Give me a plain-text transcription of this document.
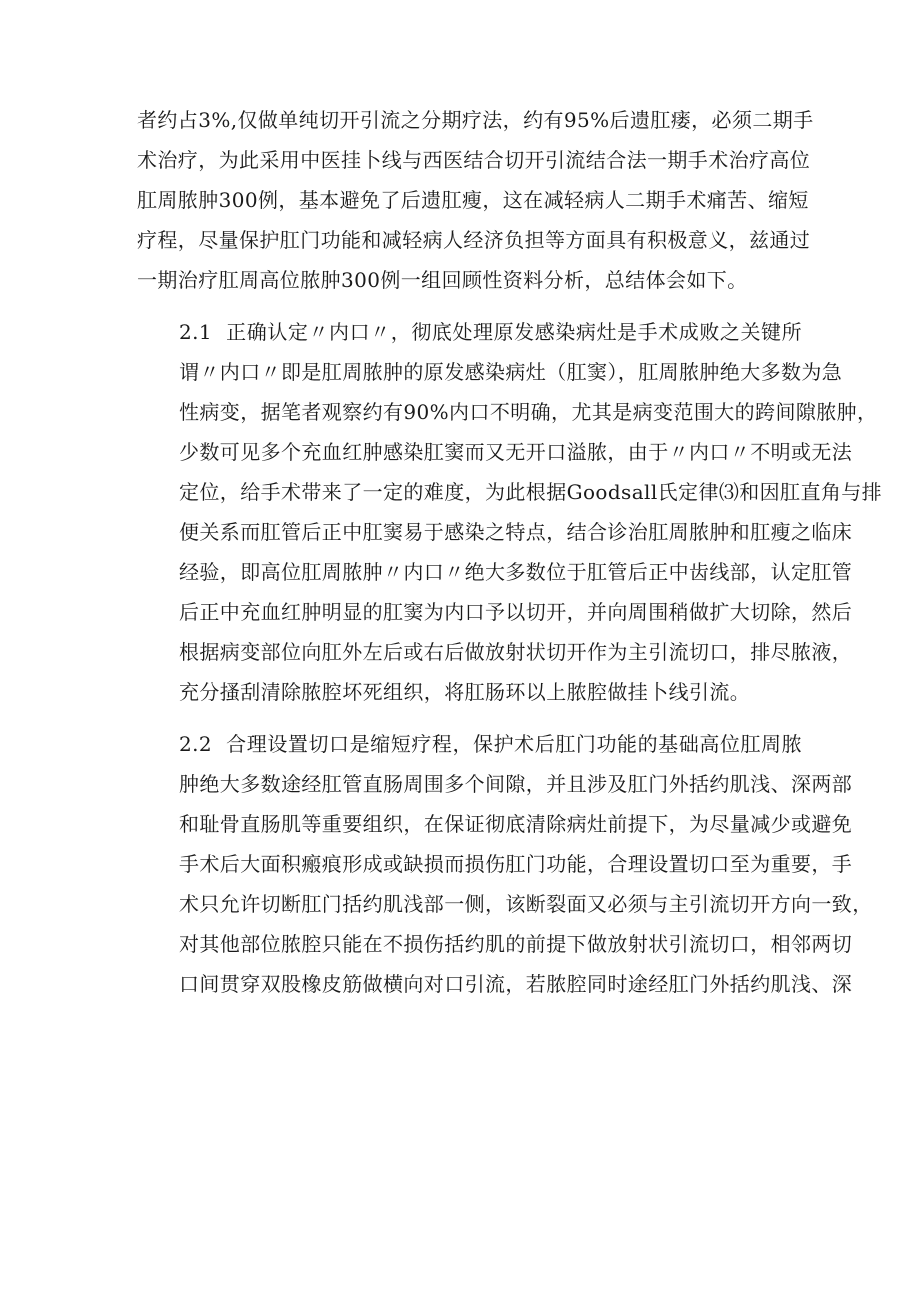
者约占3%,仅做单纯切开引流之分期疗法，约有95%后遗肛瘘，必须二期手
术治疗，为此采用中医挂卜线与西医结合切开引流结合法一期手术治疗高位
肛周脓肿300例，基本避免了后遗肛瘦，这在减轻病人二期手术痛苦、缩短
疗程，尽量保护肛门功能和减轻病人经济负担等方面具有积极意义，兹通过
一期治疗肛周高位脓肿300例一组回顾性资料分析，总结体会如下。

2.1 正确认定〃内口〃，彻底处理原发感染病灶是手术成败之关键所
谓〃内口〃即是肛周脓肿的原发感染病灶（肛窦），肛周脓肿绝大多数为急
性病变，据笔者观察约有90%内口不明确，尤其是病变范围大的跨间隙脓肿，
少数可见多个充血红肿感染肛窦而又无开口溢脓，由于〃内口〃不明或无法
定位，给手术带来了一定的难度，为此根据Goodsall氏定律⑶和因肛直角与排
便关系而肛管后正中肛窦易于感染之特点，结合诊治肛周脓肿和肛瘦之临床
经验，即高位肛周脓肿〃内口〃绝大多数位于肛管后正中齿线部，认定肛管
后正中充血红肿明显的肛窦为内口予以切开，并向周围稍做扩大切除，然后
根据病变部位向肛外左后或右后做放射状切开作为主引流切口，排尽脓液，
充分搔刮清除脓腔坏死组织，将肛肠环以上脓腔做挂卜线引流。

2.2 合理设置切口是缩短疗程，保护术后肛门功能的基础高位肛周脓
肿绝大多数途经肛管直肠周围多个间隙，并且涉及肛门外括约肌浅、深两部
和耻骨直肠肌等重要组织，在保证彻底清除病灶前提下，为尽量减少或避免
手术后大面积瘢痕形成或缺损而损伤肛门功能，合理设置切口至为重要，手
术只允许切断肛门括约肌浅部一侧，该断裂面又必须与主引流切开方向一致，
对其他部位脓腔只能在不损伤括约肌的前提下做放射状引流切口，相邻两切
口间贯穿双股橡皮筋做横向对口引流，若脓腔同时途经肛门外括约肌浅、深
